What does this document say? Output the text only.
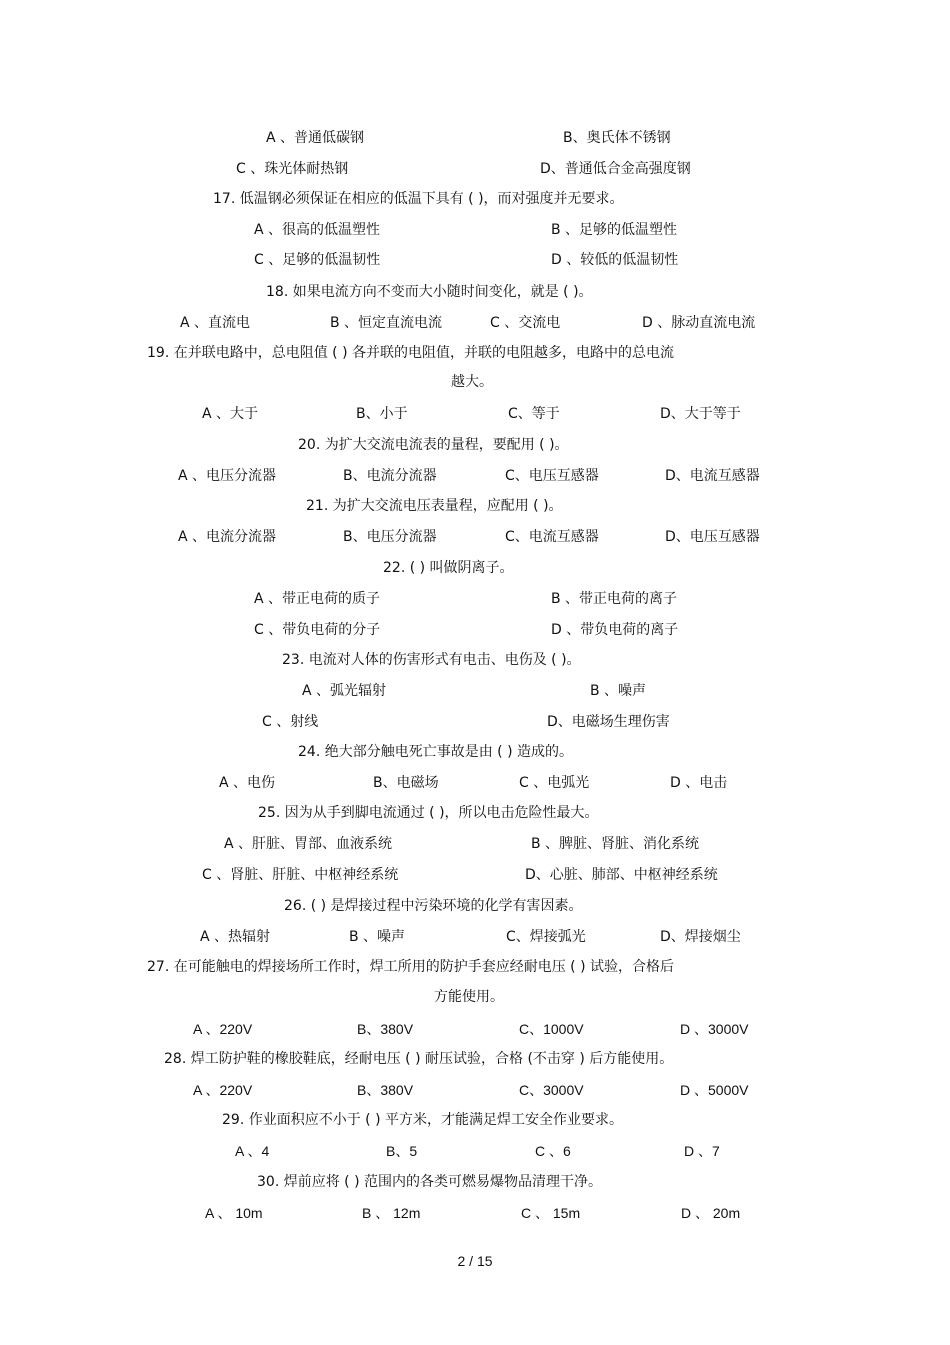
A 、普通低碳钢	B、奥氏体不锈钢
C 、珠光体耐热钢	D、普通低合金高强度钢
17. 低温钢必须保证在相应的低温下具有 ( )，而对强度并无要求。
A 、很高的低温塑性	B 、足够的低温塑性
C 、足够的低温韧性	D 、较低的低温韧性
18. 如果电流方向不变而大小随时间变化，就是 ( )。
A 、直流电	B 、恒定直流电流	C 、交流电	D 、脉动直流电流
19. 在并联电路中，总电阻值 ( ) 各并联的电阻值，并联的电阻越多，电路中的总电流
越大。
A 、大于	B、小于	C、等于	D、大于等于
20. 为扩大交流电流表的量程，要配用 ( )。
A 、电压分流器	B、电流分流器	C、电压互感器	D、电流互感器
21. 为扩大交流电压表量程，应配用 ( )。
A 、电流分流器	B、电压分流器	C、电流互感器	D、电压互感器
22. ( ) 叫做阴离子。
A 、带正电荷的质子	B 、带正电荷的离子
C 、带负电荷的分子	D 、带负电荷的离子
23. 电流对人体的伤害形式有电击、电伤及 ( )。
A 、弧光辐射	B 、噪声
C 、射线	D、电磁场生理伤害
24. 绝大部分触电死亡事故是由 ( ) 造成的。
A 、电伤	B、电磁场	C 、电弧光	D 、电击
25. 因为从手到脚电流通过 ( )，所以电击危险性最大。
A 、肝脏、胃部、血液系统	B 、脾脏、肾脏、消化系统
C 、肾脏、肝脏、中枢神经系统	D、心脏、肺部、中枢神经系统
26. ( ) 是焊接过程中污染环境的化学有害因素。
A 、热辐射	B 、噪声	C、焊接弧光	D、焊接烟尘
27. 在可能触电的焊接场所工作时，焊工所用的防护手套应经耐电压 ( ) 试验，合格后
方能使用。
A 、220V	B、380V	C、1000V	D 、3000V
28. 焊工防护鞋的橡胶鞋底，经耐电压 ( ) 耐压试验，合格 (不击穿 ) 后方能使用。
A 、220V	B、380V	C、3000V	D 、5000V
29. 作业面积应不小于 ( ) 平方米，才能满足焊工安全作业要求。
A 、4	B、5	C 、6	D 、7
30. 焊前应将 ( ) 范围内的各类可燃易爆物品清理干净。
A 、 10m	B 、 12m	C 、 15m	D 、 20m
2 / 15
